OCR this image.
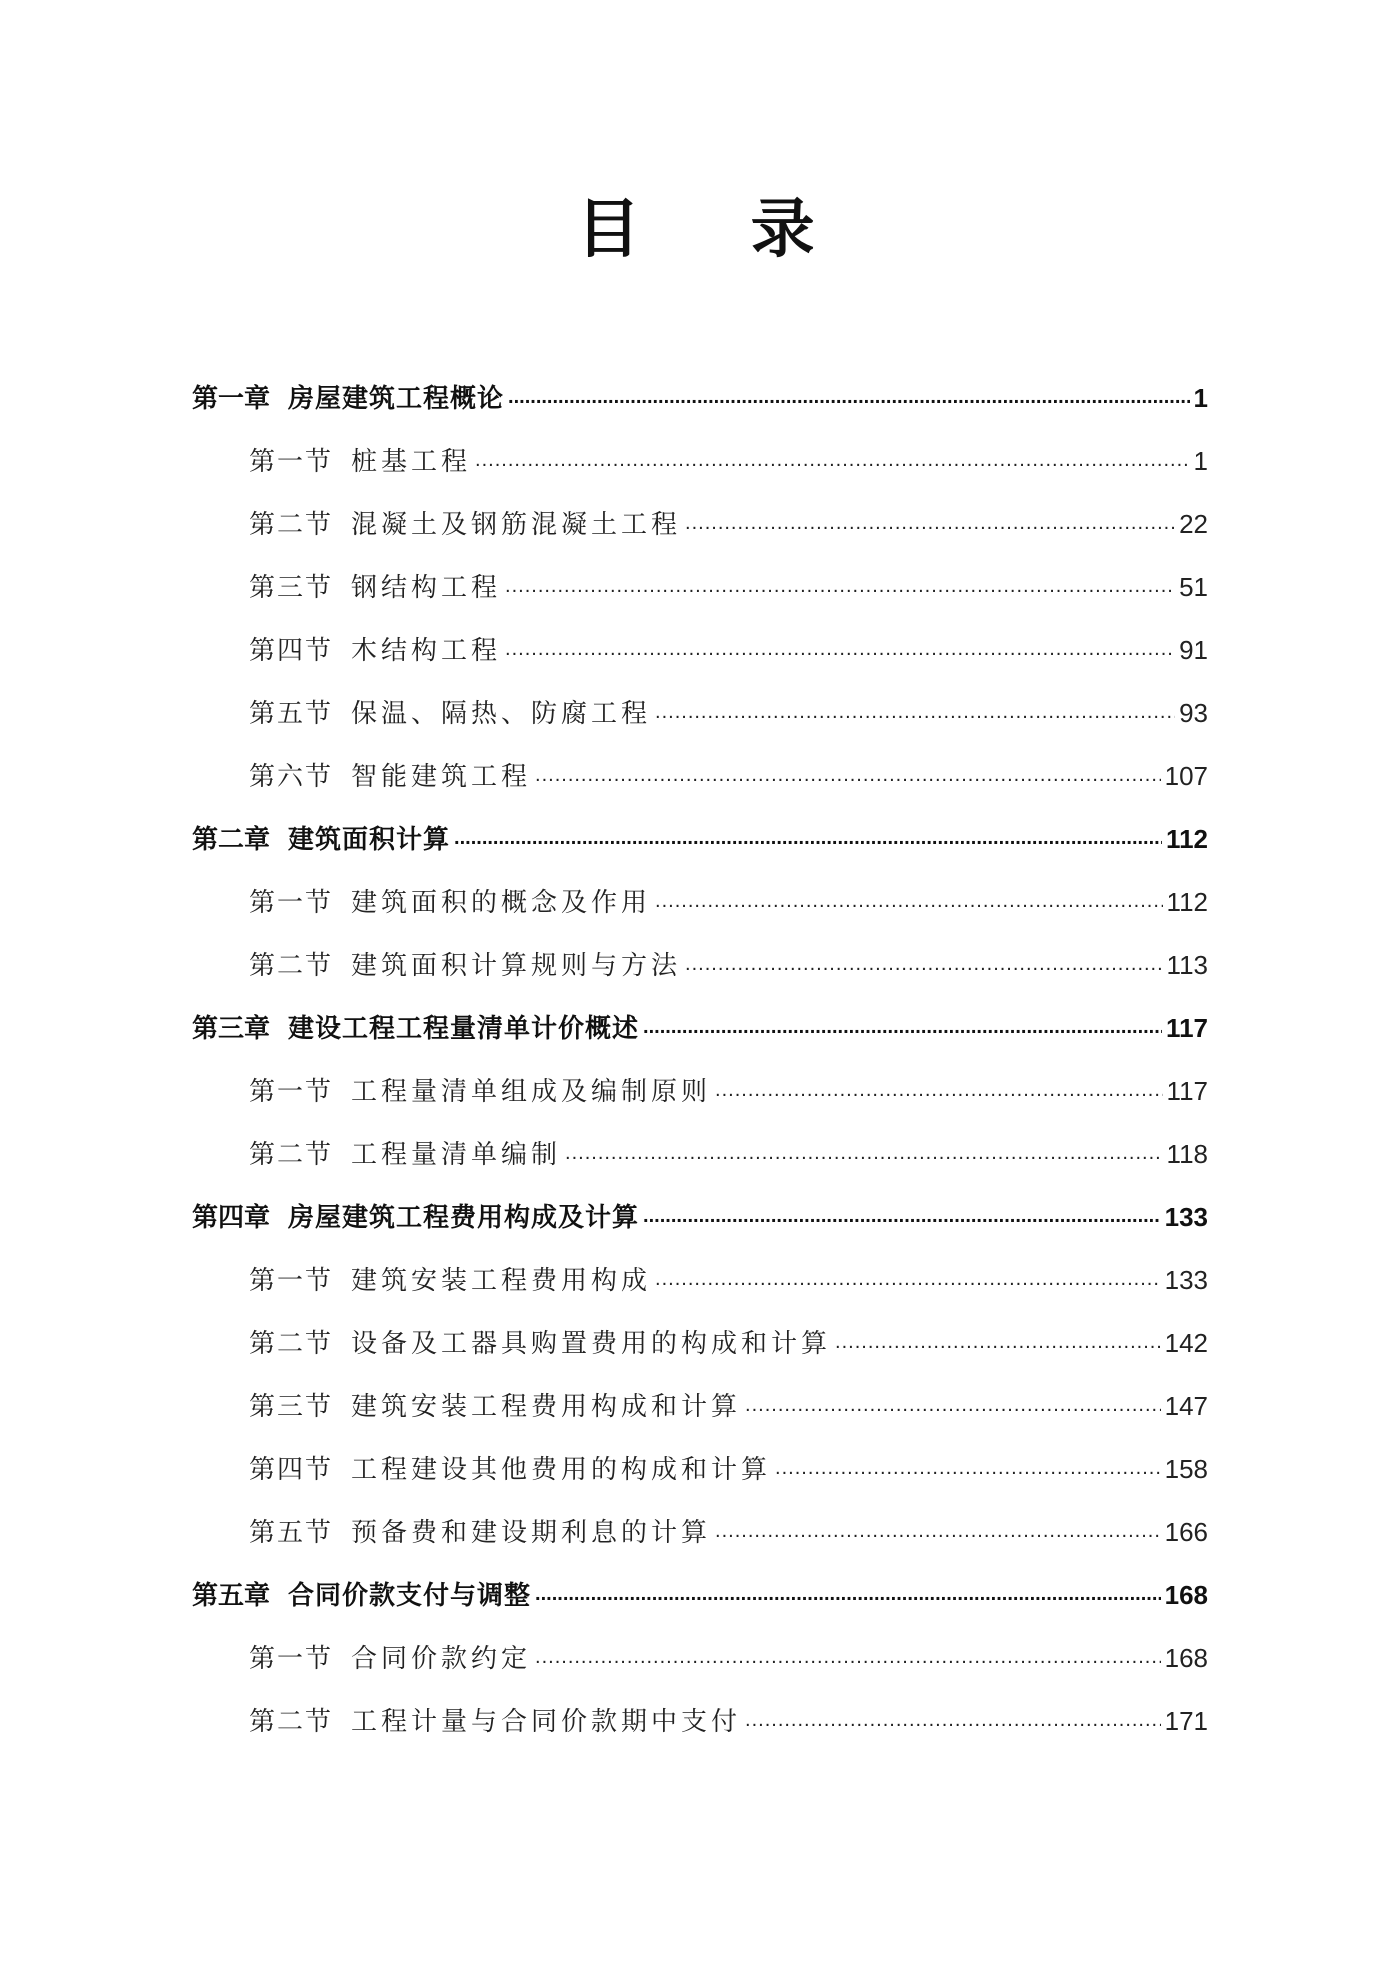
目 录
第一章 房屋建筑工程概论 .....	1
第一节 桩基工程 .....	1
第二节 混凝土及钢筋混凝土工程 .....	22
第三节 钢结构工程 .....	51
第四节 木结构工程 .....	91
第五节 保温、隔热、防腐工程 .....	93
第六节 智能建筑工程 .....	107
第二章 建筑面积计算 .....	112
第一节 建筑面积的概念及作用 .....	112
第二节 建筑面积计算规则与方法 .....	113
第三章 建设工程工程量清单计价概述 .....	117
第一节 工程量清单组成及编制原则 .....	117
第二节 工程量清单编制 .....	118
第四章 房屋建筑工程费用构成及计算 .....	133
第一节 建筑安装工程费用构成 .....	133
第二节 设备及工器具购置费用的构成和计算 .....	142
第三节 建筑安装工程费用构成和计算 .....	147
第四节 工程建设其他费用的构成和计算 .....	158
第五节 预备费和建设期利息的计算 .....	166
第五章 合同价款支付与调整 .....	168
第一节 合同价款约定 .....	168
第二节 工程计量与合同价款期中支付 .....	171
